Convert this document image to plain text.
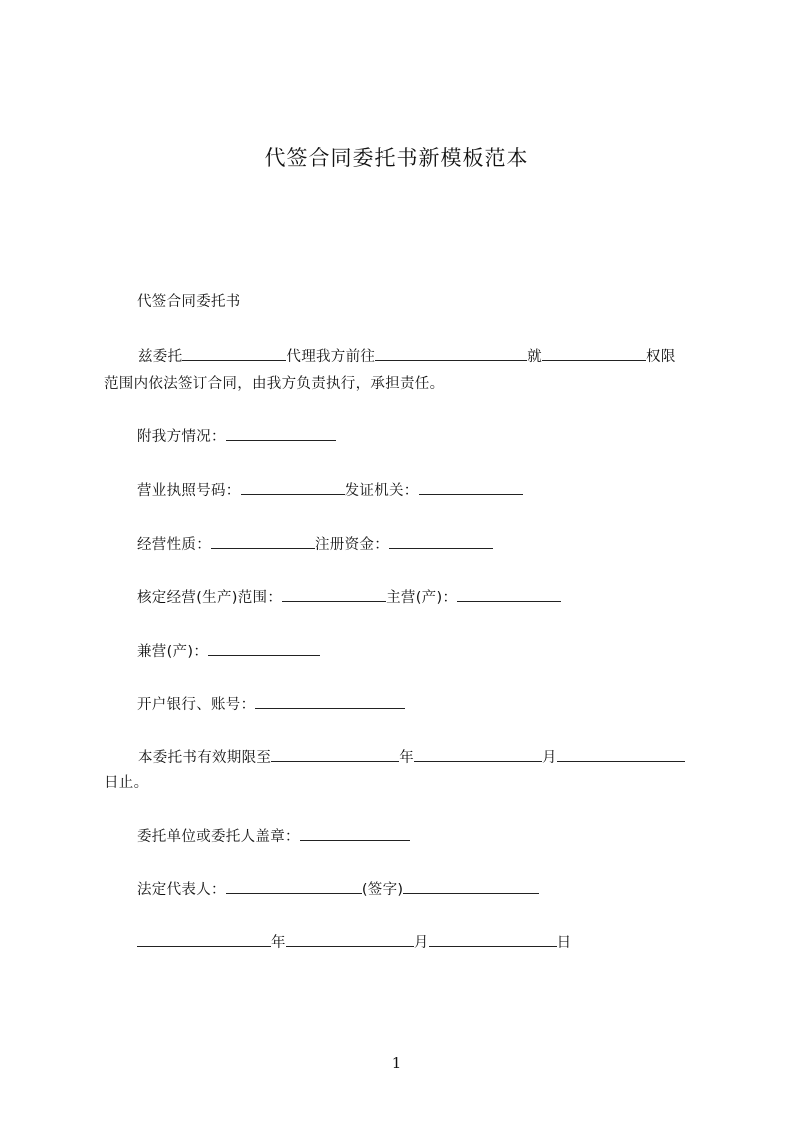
代签合同委托书新模板范本
代签合同委托书
兹委托	代理我方前往	就	权限
范围内依法签订合同，由我方负责执行，承担责任。
附我方情况：
营业执照号码：	发证机关：
经营性质：	注册资金：
核定经营(生产)范围：	主营(产)：
兼营(产)：
开户银行、账号：
本委托书有效期限至	年	月
日止。
委托单位或委托人盖章：
法定代表人：	(签字)
年	月	日
1
